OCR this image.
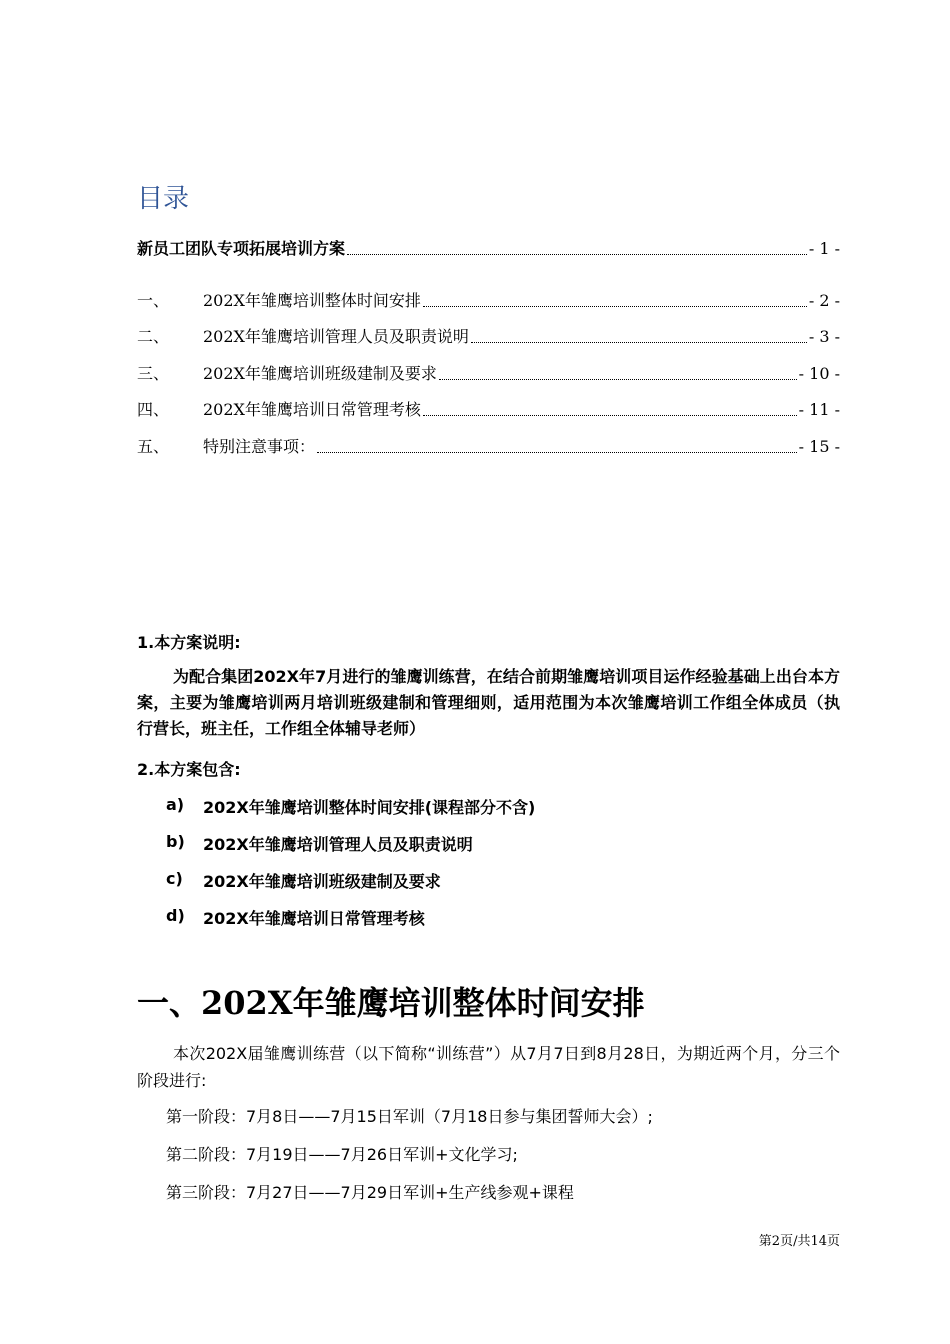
目录
新员工团队专项拓展培训方案	- 1 -
一、	202X年雏鹰培训整体时间安排	- 2 -
二、	202X年雏鹰培训管理人员及职责说明	- 3 -
三、	202X年雏鹰培训班级建制及要求	- 10 -
四、	202X年雏鹰培训日常管理考核	- 11 -
五、	特别注意事项：	- 15 -
1.本方案说明:
为配合集团202X年7月进行的雏鹰训练营，在结合前期雏鹰培训项目运作经验基础上出台本方案，主要为雏鹰培训两月培训班级建制和管理细则，适用范围为本次雏鹰培训工作组全体成员（执行营长，班主任，工作组全体辅导老师）
2.本方案包含:
a)	202X年雏鹰培训整体时间安排(课程部分不含)
b)	202X年雏鹰培训管理人员及职责说明
c)	202X年雏鹰培训班级建制及要求
d)	202X年雏鹰培训日常管理考核
一、202X年雏鹰培训整体时间安排
本次202X届雏鹰训练营（以下简称“训练营”）从7月7日到8月28日，为期近两个月，分三个阶段进行:
第一阶段：7月8日——7月15日军训（7月18日参与集团誓师大会）;
第二阶段：7月19日——7月26日军训+文化学习;
第三阶段：7月27日——7月29日军训+生产线参观+课程
第2页/共14页
